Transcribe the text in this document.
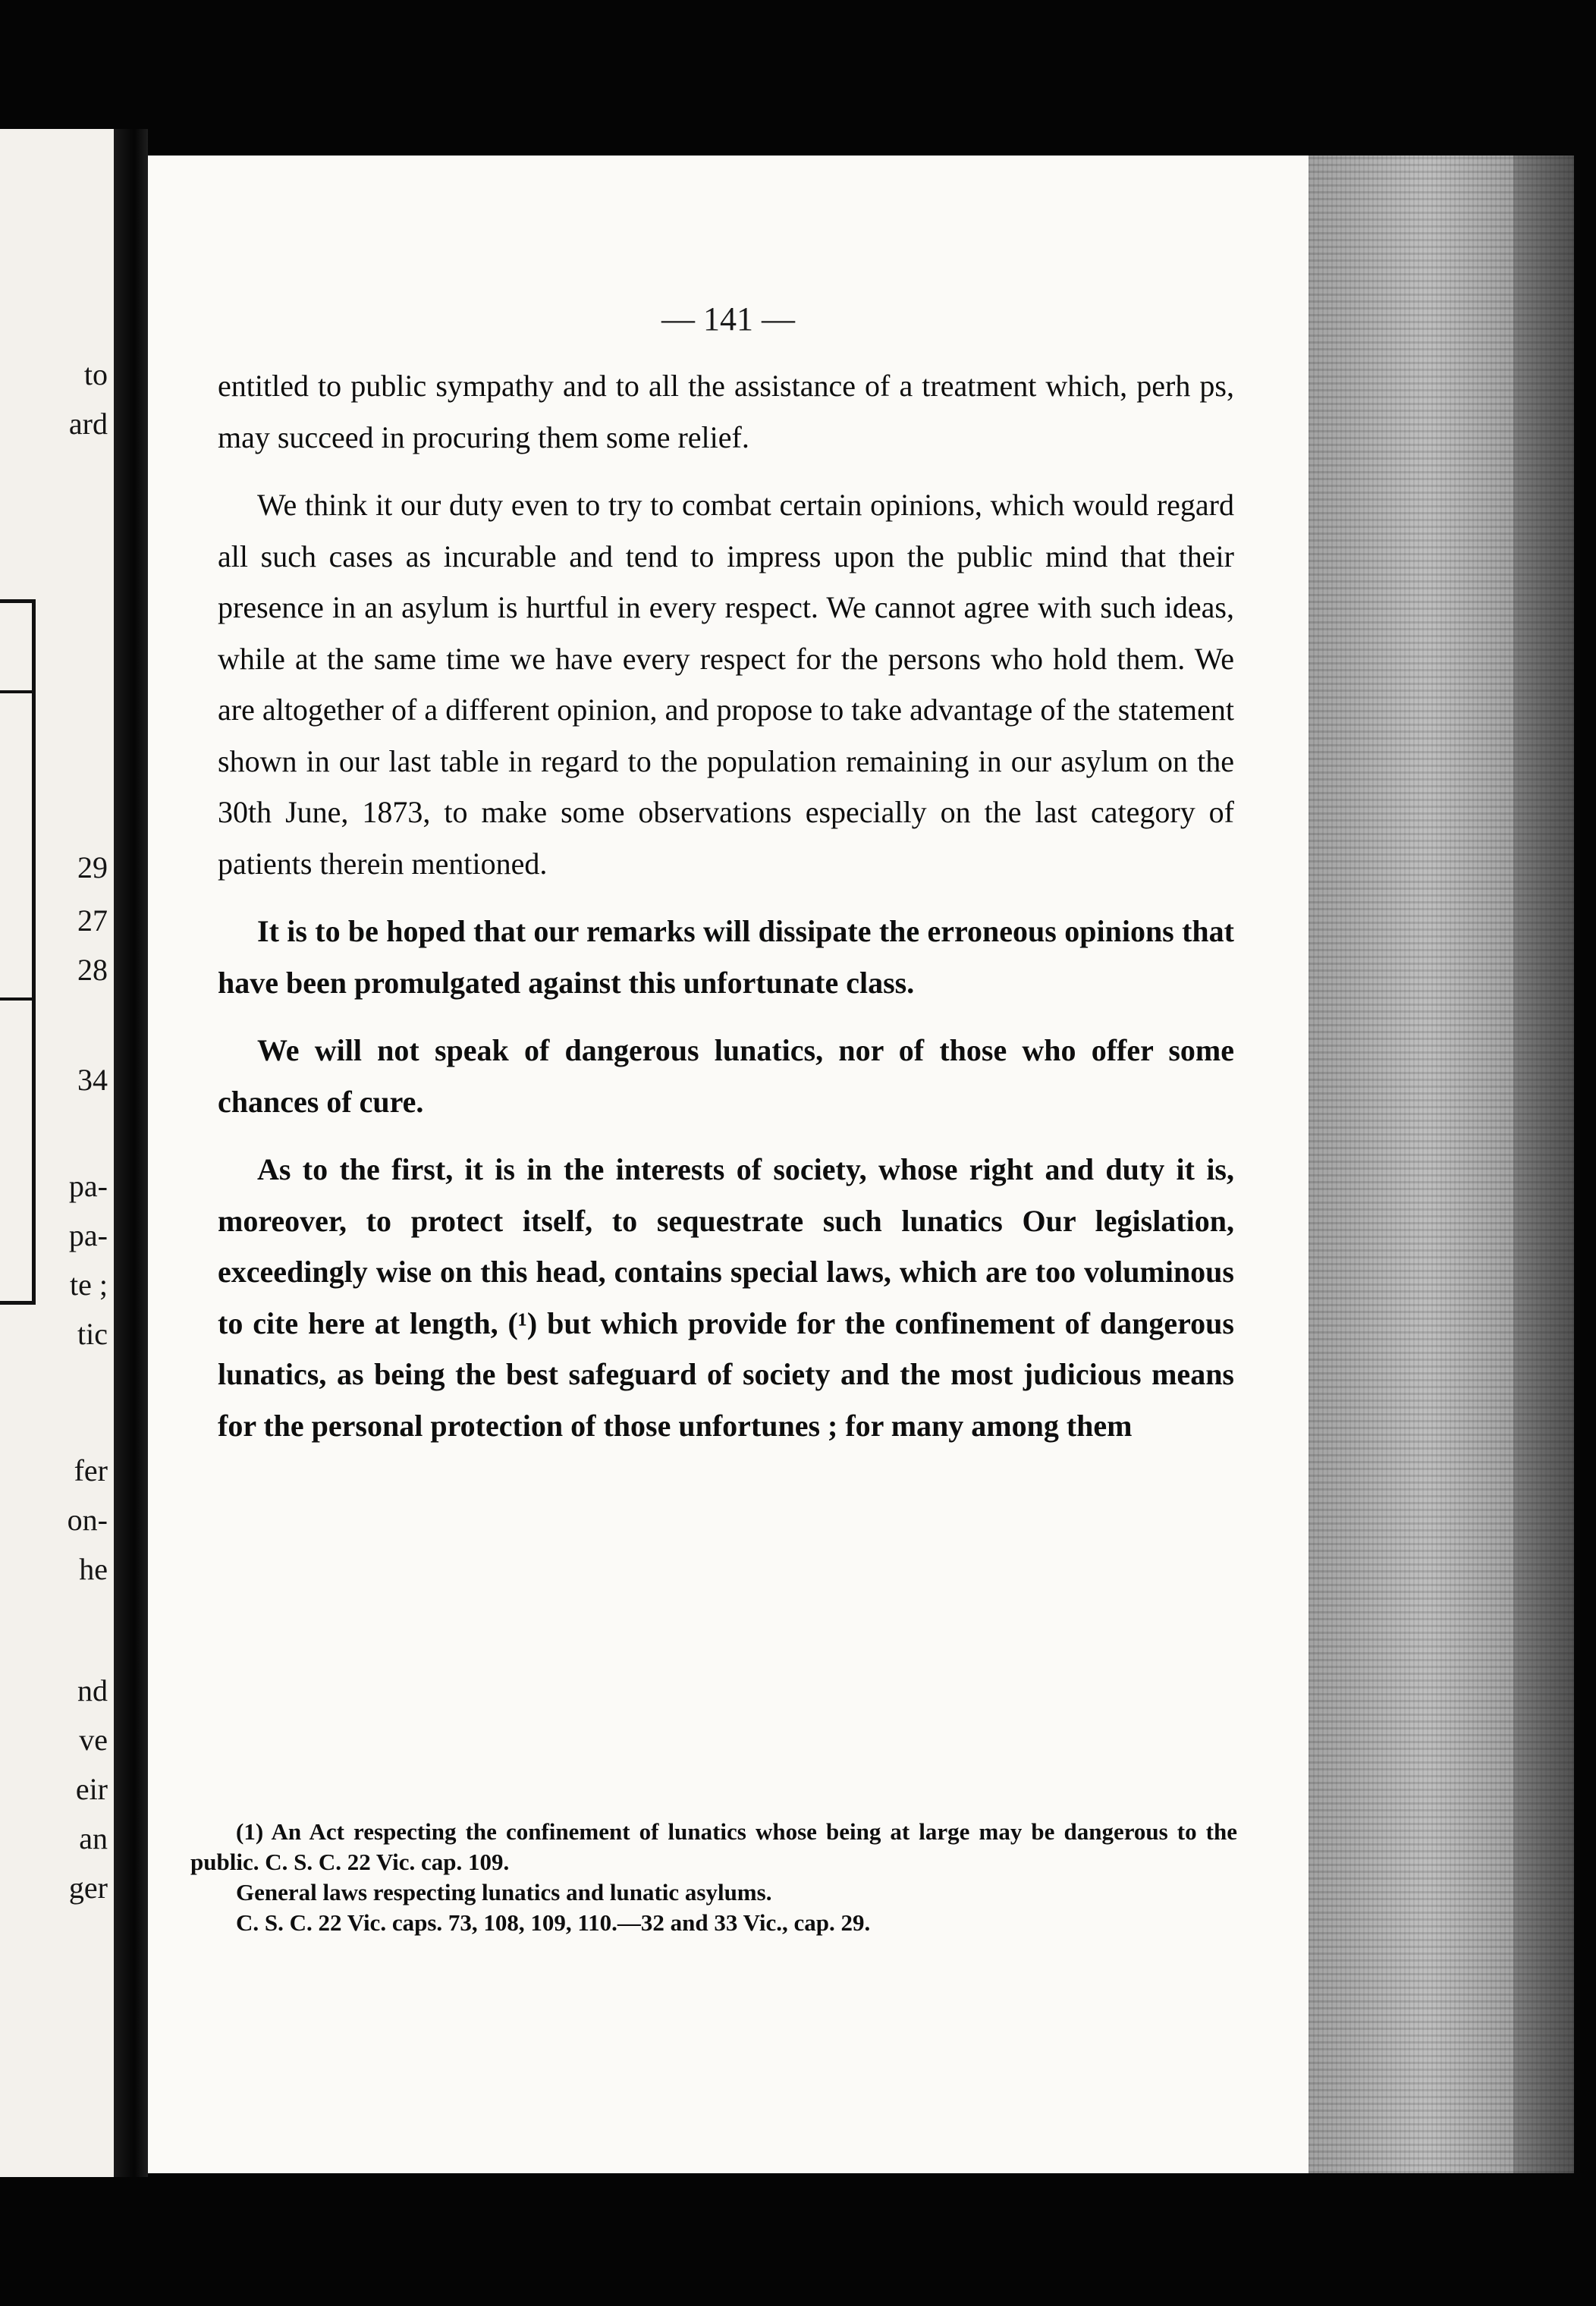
to
ard
29
27
28
34
pa-
pa-
te ;
tic
fer
on-
he
nd
ve
eir
an
ger
— 141 —

entitled to public sympathy and to all the assistance of a treatment which, perh ps, may succeed in procuring them some relief.

We think it our duty even to try to combat certain opinions, which would regard all such cases as incurable and tend to impress upon the public mind that their presence in an asylum is hurtful in every respect. We cannot agree with such ideas, while at the same time we have every respect for the persons who hold them. We are altogether of a different opinion, and propose to take advantage of the statement shown in our last table in regard to the population remaining in our asylum on the 30th June, 1873, to make some observations especially on the last category of patients therein mentioned.

It is to be hoped that our remarks will dissipate the erroneous opinions that have been promulgated against this unfortunate class.

We will not speak of dangerous lunatics, nor of those who offer some chances of cure.

As to the first, it is in the interests of society, whose right and duty it is, moreover, to protect itself, to sequestrate such lunatics Our legislation, exceedingly wise on this head, contains special laws, which are too voluminous to cite here at length, (¹) but which provide for the confinement of dangerous lunatics, as being the best safeguard of society and the most judicious means for the personal protection of those unfortunes ; for many among them

(1) An Act respecting the confinement of lunatics whose being at large may be dangerous to the public. C. S. C. 22 Vic. cap. 109.

General laws respecting lunatics and lunatic asylums.

C. S. C. 22 Vic. caps. 73, 108, 109, 110.—32 and 33 Vic., cap. 29.
